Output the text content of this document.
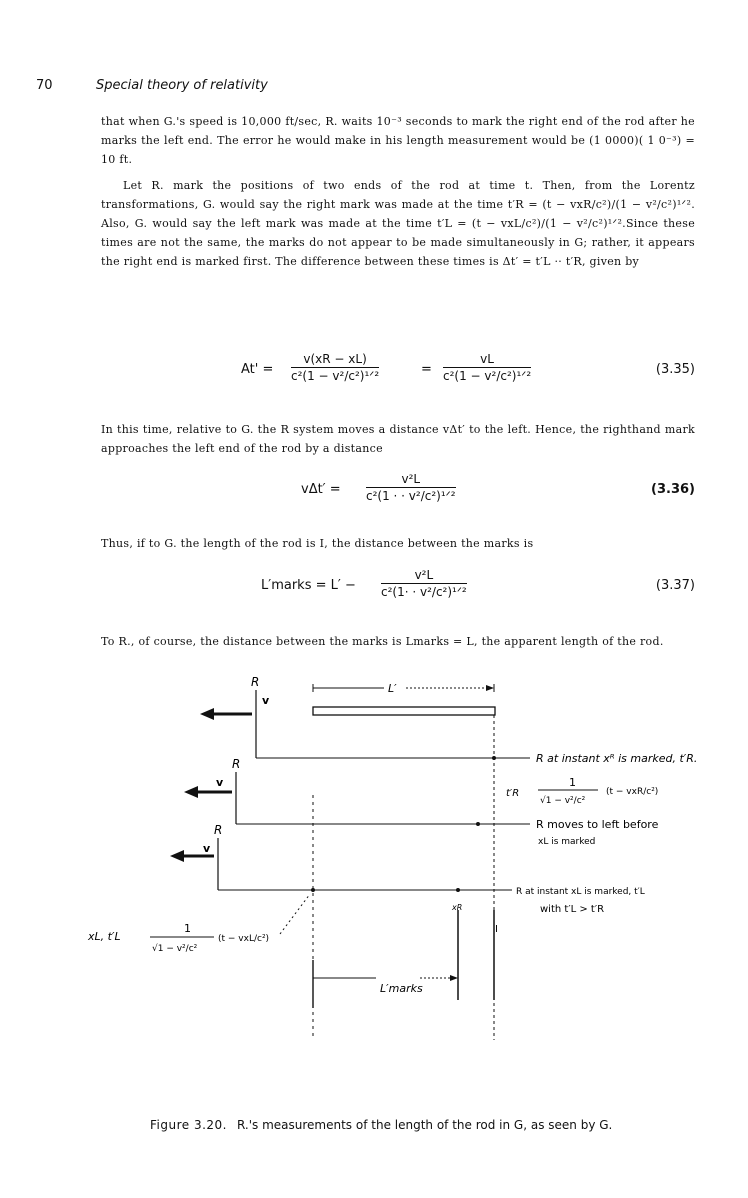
70	Special theory of relativity

that when G.'s speed is 10,000 ft/sec, R. waits 10⁻³ seconds to mark the right end of the rod after he marks the left end. The error he would make in his length measurement would be (1 0000)( 1 0⁻³) = 10 ft.

Let R. mark the positions of two ends of the rod at time t. Then, from the Lorentz transformations, G. would say the right mark was made at the time t′R = (t − vxR/c²)/(1 − v²/c²)¹ᐟ². Also, G. would say the left mark was made at the time t′L = (t − vxL/c²)/(1 − v²/c²)¹ᐟ².Since these times are not the same, the marks do not appear to be made simultaneously in G; rather, it appears the right end is marked first. The difference between these times is Δt′ = t′L ·· t′R, given by

At' =
v(xR − xL)
c²(1 − v²/c²)¹ᐟ²	=
vL
c²(1 − v²/c²)¹ᐟ²	(3.35)

In this time, relative to G. the R system moves a distance vΔt′ to the left. Hence, the righthand mark approaches the left end of the rod by a distance

vΔt′ =
v²L
c²(1 · · v²/c²)¹ᐟ²	(3.36)

Thus, if to G. the length of the rod is I, the distance between the marks is

L′marks = L′ −
v²L
c²(1· · v²/c²)¹ᐟ²	(3.37)

To R., of course, the distance between the marks is Lmarks = L, the apparent length of the rod.

R
v
L′
R at instant xᴿ is marked, t′R.
1
√1 − v²/c²
(t − vxR/c²)
t′R
R
v
R moves to left before
xL is marked
R
v
R at instant xL is marked, t′L
with t′L > t′R
xR
xL, t′L
1
√1 − v²/c²
(t − vxL/c²)
I
L′marks
Figure 3.20. R.'s measurements of the length of the rod in G, as seen by G.
